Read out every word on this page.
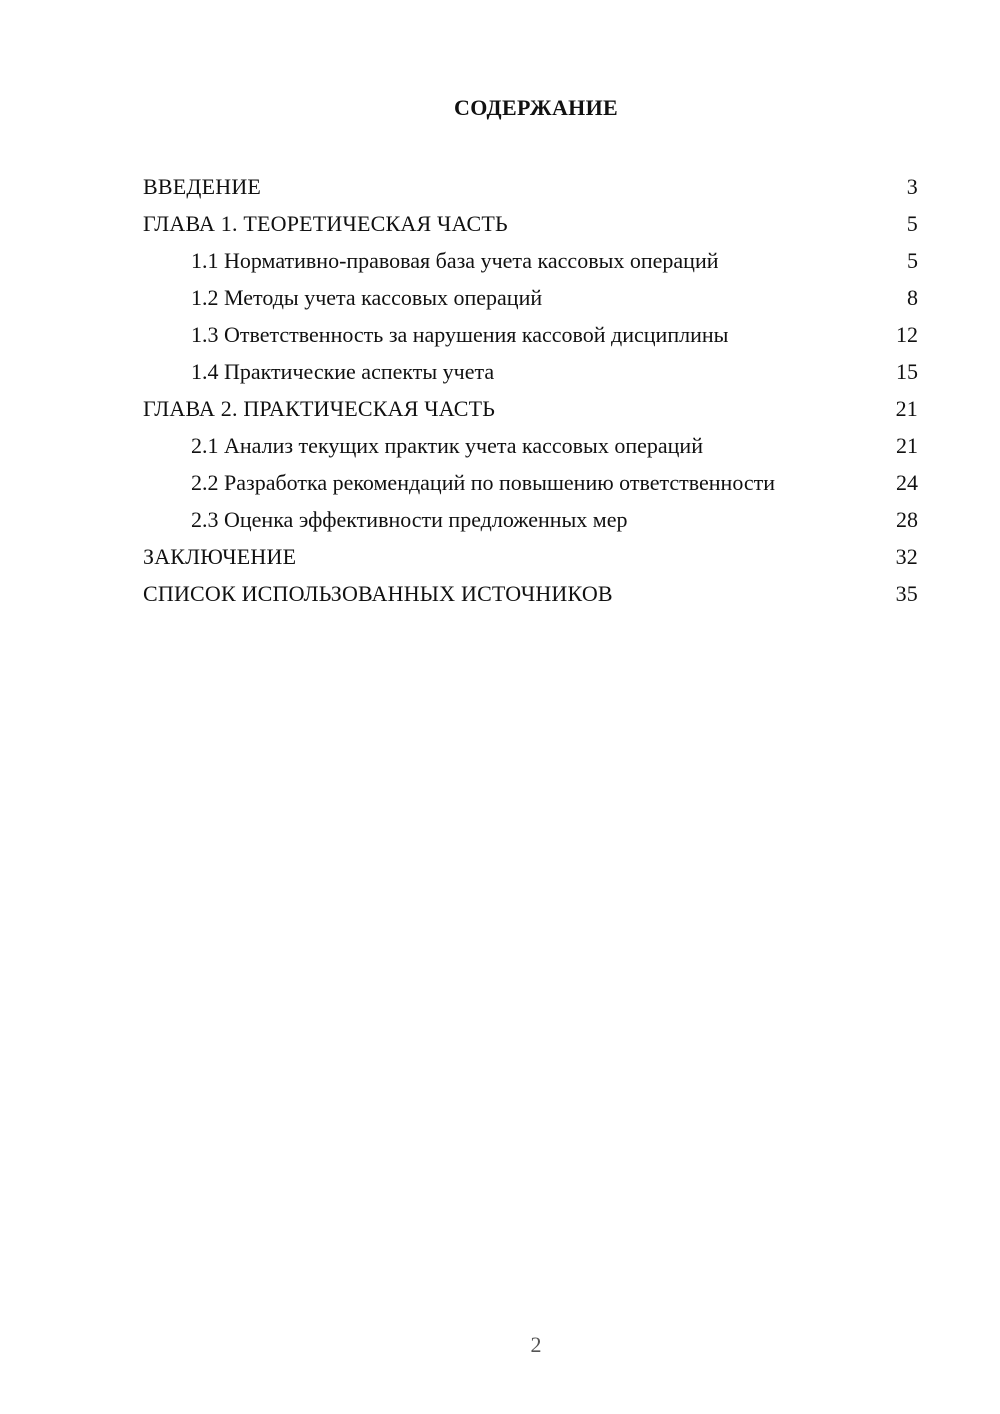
СОДЕРЖАНИЕ
ВВЕДЕНИЕ	3
ГЛАВА 1. ТЕОРЕТИЧЕСКАЯ ЧАСТЬ	5
1.1 Нормативно-правовая база учета кассовых операций	5
1.2 Методы учета кассовых операций	8
1.3 Ответственность за нарушения кассовой дисциплины	12
1.4 Практические аспекты учета	15
ГЛАВА 2. ПРАКТИЧЕСКАЯ ЧАСТЬ	21
2.1 Анализ текущих практик учета кассовых операций	21
2.2 Разработка рекомендаций по повышению ответственности	24
2.3 Оценка эффективности предложенных мер	28
ЗАКЛЮЧЕНИЕ	32
СПИСОК ИСПОЛЬЗОВАННЫХ ИСТОЧНИКОВ	35
2
